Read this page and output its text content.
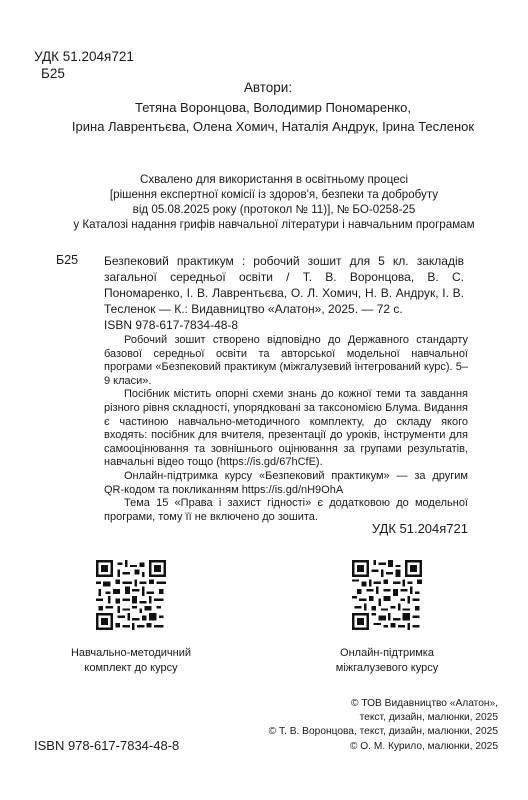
УДК 51.204я721
Б25
Автори:
Тетяна Воронцова, Володимир Пономаренко,
Ірина Лаврентьєва, Олена Хомич, Наталія Андрук, Ірина Тесленок
Схвалено для використання в освітньому процесі
[рішення експертної комісії із здоров'я, безпеки та добробуту
від 05.08.2025 року (протокол № 11)], № БО-0258-25
у Каталозі надання грифів навчальної літератури і навчальним програмам
Б25 Безпековий практикум : робочий зошит для 5 кл. закладів загальної середньої освіти / Т. В. Воронцова, В. С. Пономаренко, І. В. Лаврентьєва, О. Л. Хомич, Н. В. Андрук, І. В. Тесленок — К.: Видавництво «Алатон», 2025. — 72 с.

ISBN 978-617-7834-48-8

Робочий зошит створено відповідно до Державного стандарту базової середньої освіти та авторської модельної навчальної програми «Безпековий практикум (міжгалузевий інтегрований курс). 5–9 класи».

Посібник містить опорні схеми знань до кожної теми та завдання різного рівня складності, упорядковані за таксономією Блума. Видання є частиною навчально-методичного комплекту, до складу якого входять: посібник для вчителя, презентації до уроків, інструменти для самооцінювання та зовнішнього оцінювання за групами результатів, навчальні відео тощо (https://is.gd/67hCfE).

Онлайн-підтримка курсу «Безпековий практикум» — за другим QR-кодом та покликанням https://is.gd/nH9OhA

Тема 15 «Права і захист гідності» є додатковою до модельної програми, тому її не включено до зошита.

УДК 51.204я721
Навчально-методичний
комплект до курсу
Онлайн-підтримка
міжгалузевого курсу
© ТОВ Видавництво «Алатон»,
текст, дизайн, малюнки, 2025
© Т. В. Воронцова, текст, дизайн, малюнки, 2025
© О. М. Курило, малюнки, 2025
ISBN 978-617-7834-48-8
